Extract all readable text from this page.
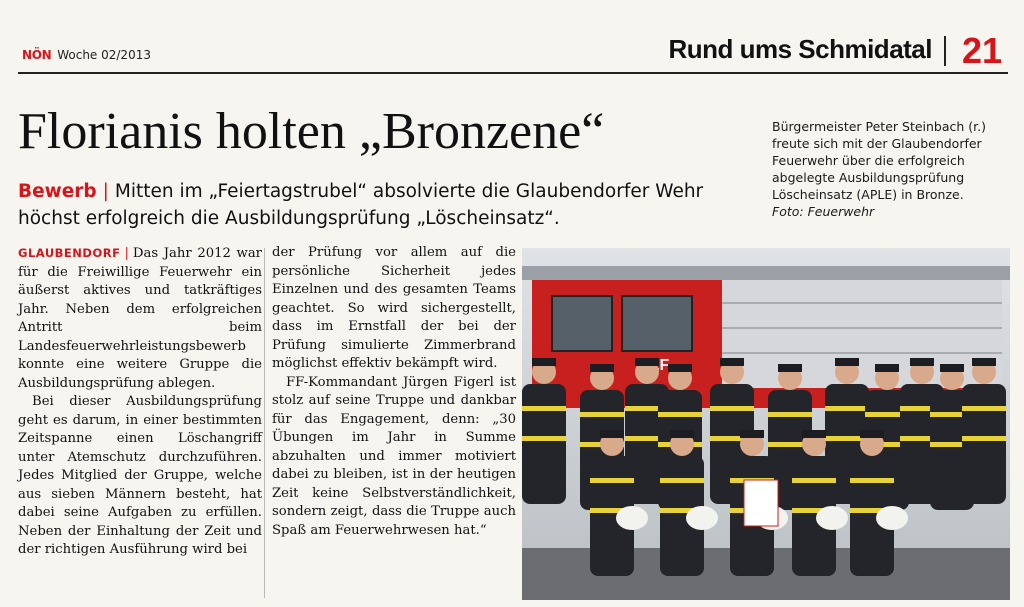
NÖN Woche 02/2013	Rund ums Schmidatal 21
Florianis holten „Bronzene“
Bewerb | Mitten im „Feiertagstrubel“ absolvierte die Glaubendorfer Wehr höchst erfolgreich die Ausbildungsprüfung „Löscheinsatz“.
Bürgermeister Peter Steinbach (r.) freute sich mit der Glaubendorfer Feuerwehr über die erfolgreich abgelegte Ausbildungsprüfung Löscheinsatz (APLE) in Bronze.
Foto: Feuerwehr

GLAUBENDORF | Das Jahr 2012 war für die Freiwillige Feuerwehr ein äußerst aktives und tatkräftiges Jahr. Neben dem erfolgreichen Antritt beim Landesfeuerwehrleistungsbewerb konnte eine weitere Gruppe die Ausbildungsprüfung ablegen.

Bei dieser Ausbildungsprüfung geht es darum, in einer bestimmten Zeitspanne einen Löschangriff unter Atemschutz durchzuführen. Jedes Mitglied der Gruppe, welche aus sieben Männern besteht, hat dabei seine Aufgaben zu erfüllen. Neben der Einhaltung der Zeit und der richtigen Ausführung wird bei

der Prüfung vor allem auf die persönliche Sicherheit jedes Einzelnen und des gesamten Teams geachtet. So wird sichergestellt, dass im Ernstfall der bei der Prüfung simulierte Zimmerbrand möglichst effektiv bekämpft wird.

FF-Kommandant Jürgen Figerl ist stolz auf seine Truppe und dankbar für das Engagement, denn: „30 Übungen im Jahr in Summe abzuhalten und immer motiviert dabei zu bleiben, ist in der heutigen Zeit keine Selbstverständlichkeit, sondern zeigt, dass die Truppe auch Spaß am Feuerwehrwesen hat.“
